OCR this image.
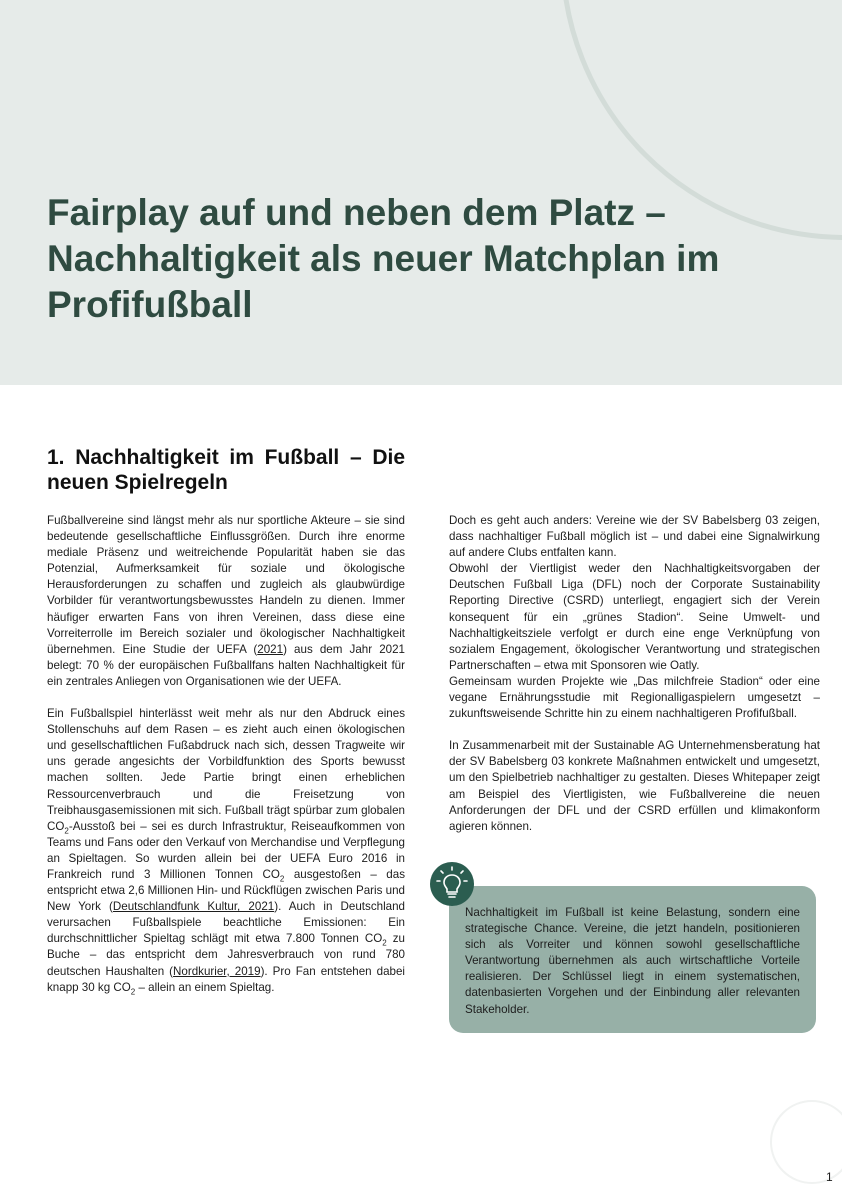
Fairplay auf und neben dem Platz – Nachhaltigkeit als neuer Matchplan im Profifußball
1. Nachhaltigkeit im Fußball – Die neuen Spielregeln

Fußballvereine sind längst mehr als nur sportliche Akteure – sie sind bedeutende gesellschaftliche Einflussgrößen. Durch ihre enorme mediale Präsenz und weitreichende Popularität haben sie das Potenzial, Aufmerksamkeit für soziale und ökologische Herausforderungen zu schaffen und zugleich als glaubwürdige Vorbilder für verantwortungsbewusstes Handeln zu dienen. Immer häufiger erwarten Fans von ihren Vereinen, dass diese eine Vorreiterrolle im Bereich sozialer und ökologischer Nachhaltigkeit übernehmen. Eine Studie der UEFA (2021) aus dem Jahr 2021 belegt: 70 % der europäischen Fußballfans halten Nachhaltigkeit für ein zentrales Anliegen von Organisationen wie der UEFA.

Ein Fußballspiel hinterlässt weit mehr als nur den Abdruck eines Stollenschuhs auf dem Rasen – es zieht auch einen ökologischen und gesellschaftlichen Fußabdruck nach sich, dessen Tragweite wir uns gerade angesichts der Vorbildfunktion des Sports bewusst machen sollten. Jede Partie bringt einen erheblichen Ressourcenverbrauch und die Freisetzung von Treibhausgasemissionen mit sich. Fußball trägt spürbar zum globalen $CO_2$-Ausstoß bei – sei es durch Infrastruktur, Reiseaufkommen von Teams und Fans oder den Verkauf von Merchandise und Verpflegung an Spieltagen. So wurden allein bei der UEFA Euro 2016 in Frankreich rund 3 Millionen Tonnen $CO_2$ ausgestoßen – das entspricht etwa 2,6 Millionen Hin- und Rückflügen zwischen Paris und New York (Deutschlandfunk Kultur, 2021). Auch in Deutschland verursachen Fußballspiele beachtliche Emissionen: Ein durchschnittlicher Spieltag schlägt mit etwa 7.800 Tonnen $CO_2$ zu Buche – das entspricht dem Jahresverbrauch von rund 780 deutschen Haushalten (Nordkurier, 2019). Pro Fan entstehen dabei knapp 30 kg $CO_2$ – allein an einem Spieltag.

Doch es geht auch anders: Vereine wie der SV Babelsberg 03 zeigen, dass nachhaltiger Fußball möglich ist – und dabei eine Signalwirkung auf andere Clubs entfalten kann.
Obwohl der Viertligist weder den Nachhaltigkeitsvorgaben der Deutschen Fußball Liga (DFL) noch der Corporate Sustainability Reporting Directive (CSRD) unterliegt, engagiert sich der Verein konsequent für ein „grünes Stadion“. Seine Umwelt- und Nachhaltigkeitsziele verfolgt er durch eine enge Verknüpfung von sozialem Engagement, ökologischer Verantwortung und strategischen Partnerschaften – etwa mit Sponsoren wie Oatly.
Gemeinsam wurden Projekte wie „Das milchfreie Stadion“ oder eine vegane Ernährungsstudie mit Regionalligaspielern umgesetzt – zukunftsweisende Schritte hin zu einem nachhaltigeren Profifußball.

In Zusammenarbeit mit der Sustainable AG Unternehmensberatung hat der SV Babelsberg 03 konkrete Maßnahmen entwickelt und umgesetzt, um den Spielbetrieb nachhaltiger zu gestalten. Dieses Whitepaper zeigt am Beispiel des Viertligisten, wie Fußballvereine die neuen Anforderungen der DFL und der CSRD erfüllen und klimakonform agieren können.

Nachhaltigkeit im Fußball ist keine Belastung, sondern eine strategische Chance. Vereine, die jetzt handeln, positionieren sich als Vorreiter und können sowohl gesellschaftliche Verantwortung übernehmen als auch wirtschaftliche Vorteile realisieren. Der Schlüssel liegt in einem systematischen, datenbasierten Vorgehen und der Einbindung aller relevanten Stakeholder.
1
